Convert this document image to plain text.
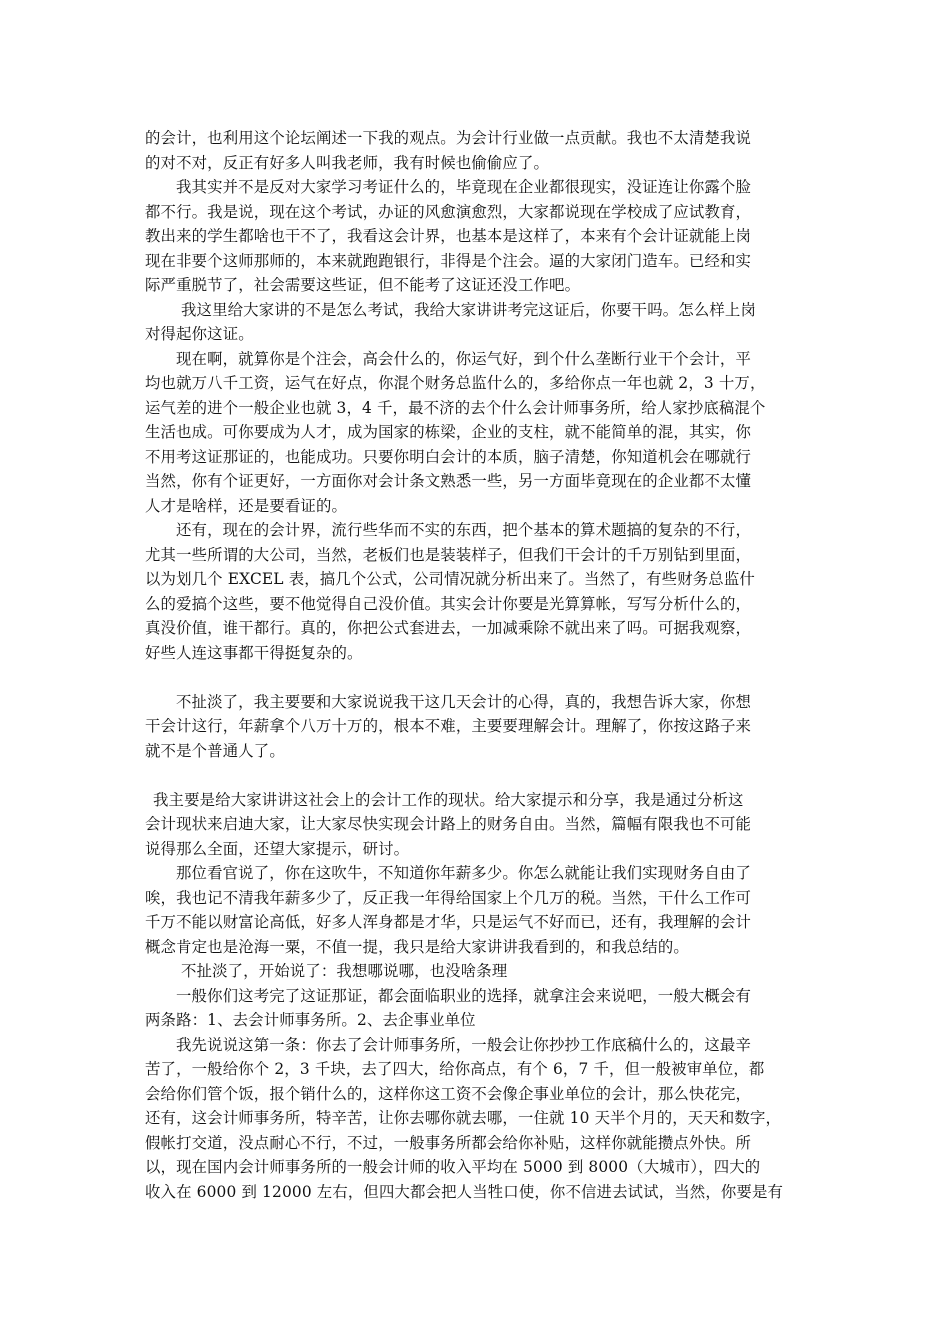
的会计，也利用这个论坛阐述一下我的观点。为会计行业做一点贡献。我也不太清楚我说
的对不对，反正有好多人叫我老师，我有时候也偷偷应了。
我其实并不是反对大家学习考证什么的，毕竟现在企业都很现实，没证连让你露个脸
都不行。我是说，现在这个考试，办证的风愈演愈烈，大家都说现在学校成了应试教育，
教出来的学生都啥也干不了，我看这会计界，也基本是这样了，本来有个会计证就能上岗
现在非要个这师那师的，本来就跑跑银行，非得是个注会。逼的大家闭门造车。已经和实
际严重脱节了，社会需要这些证，但不能考了这证还没工作吧。
我这里给大家讲的不是怎么考试，我给大家讲讲考完这证后，你要干吗。怎么样上岗
对得起你这证。
现在啊，就算你是个注会，高会什么的，你运气好，到个什么垄断行业干个会计，平
均也就万八千工资，运气在好点，你混个财务总监什么的，多给你点一年也就 2，3 十万，
运气差的进个一般企业也就 3，4 千，最不济的去个什么会计师事务所，给人家抄底稿混个
生活也成。可你要成为人才，成为国家的栋梁，企业的支柱，就不能简单的混，其实，你
不用考这证那证的，也能成功。只要你明白会计的本质，脑子清楚，你知道机会在哪就行
当然，你有个证更好，一方面你对会计条文熟悉一些，另一方面毕竟现在的企业都不太懂
人才是啥样，还是要看证的。
还有，现在的会计界，流行些华而不实的东西，把个基本的算术题搞的复杂的不行，
尤其一些所谓的大公司，当然，老板们也是装装样子，但我们干会计的千万别钻到里面，
以为划几个 EXCEL 表，搞几个公式，公司情况就分析出来了。当然了，有些财务总监什
么的爱搞个这些，要不他觉得自己没价值。其实会计你要是光算算帐，写写分析什么的，
真没价值，谁干都行。真的，你把公式套进去，一加减乘除不就出来了吗。可据我观察，
好些人连这事都干得挺复杂的。
不扯淡了，我主要要和大家说说我干这几天会计的心得，真的，我想告诉大家，你想
干会计这行，年薪拿个八万十万的，根本不难，主要要理解会计。理解了，你按这路子来
就不是个普通人了。
我主要是给大家讲讲这社会上的会计工作的现状。给大家提示和分享，我是通过分析这
会计现状来启迪大家，让大家尽快实现会计路上的财务自由。当然，篇幅有限我也不可能
说得那么全面，还望大家提示，研讨。
那位看官说了，你在这吹牛，不知道你年薪多少。你怎么就能让我们实现财务自由了
唉，我也记不清我年薪多少了，反正我一年得给国家上个几万的税。当然，干什么工作可
千万不能以财富论高低，好多人浑身都是才华，只是运气不好而已，还有，我理解的会计
概念肯定也是沧海一粟，不值一提，我只是给大家讲讲我看到的，和我总结的。
不扯淡了，开始说了：我想哪说哪，也没啥条理
一般你们这考完了这证那证，都会面临职业的选择，就拿注会来说吧，一般大概会有
两条路：1、去会计师事务所。2、去企事业单位
我先说说这第一条：你去了会计师事务所，一般会让你抄抄工作底稿什么的，这最辛
苦了，一般给你个 2，3 千块，去了四大，给你高点，有个 6，7 千，但一般被审单位，都
会给你们管个饭，报个销什么的，这样你这工资不会像企事业单位的会计，那么快花完，
还有，这会计师事务所，特辛苦，让你去哪你就去哪，一住就 10 天半个月的，天天和数字，
假帐打交道，没点耐心不行，不过，一般事务所都会给你补贴，这样你就能攒点外快。所
以，现在国内会计师事务所的一般会计师的收入平均在 5000 到 8000（大城市），四大的
收入在 6000 到 12000 左右，但四大都会把人当牲口使，你不信进去试试，当然，你要是有
